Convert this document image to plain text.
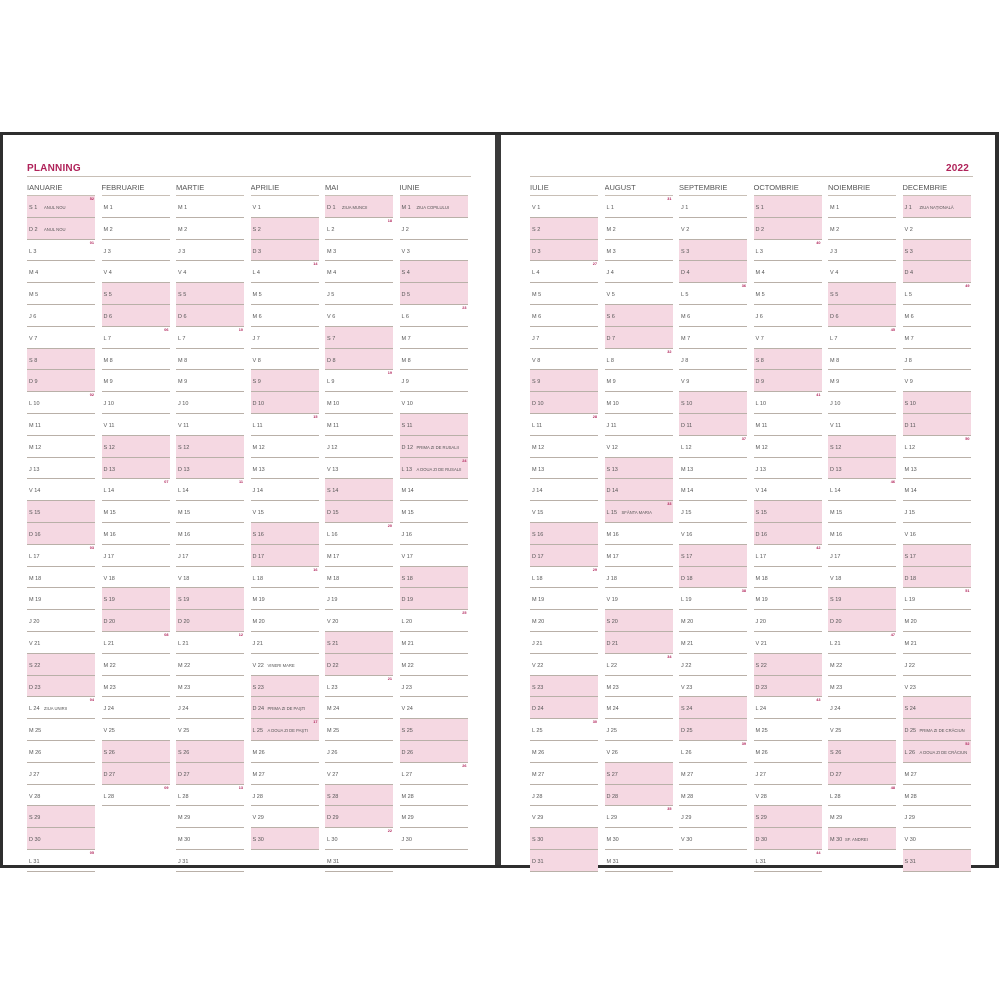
PLANNING
IANUARIE
S 1 ANUL NOU
52
D 2 ANUL NOU
L 3
01
M 4
M 5
J 6
V 7
S 8
D 9
L 10
02
M 11
M 12
J 13
V 14
S 15
D 16
L 17
03
M 18
M 19
J 20
V 21
S 22
D 23
L 24 ZIUA UNIRII
04
M 25
M 26
J 27
V 28
S 29
D 30
L 31
05
FEBRUARIE
M 1
M 2
J 3
V 4
S 5
D 6
L 7
06
M 8
M 9
J 10
V 11
S 12
D 13
L 14
07
M 15
M 16
J 17
V 18
S 19
D 20
L 21
08
M 22
M 23
J 24
V 25
S 26
D 27
L 28
09
MARTIE
M 1
M 2
J 3
V 4
S 5
D 6
L 7
10
M 8
M 9
J 10
V 11
S 12
D 13
L 14
11
M 15
M 16
J 17
V 18
S 19
D 20
L 21
12
M 22
M 23
J 24
V 25
S 26
D 27
L 28
13
M 29
M 30
J 31
APRILIE
V 1
S 2
D 3
L 4
14
M 5
M 6
J 7
V 8
S 9
D 10
L 11
15
M 12
M 13
J 14
V 15
S 16
D 17
L 18
16
M 19
M 20
J 21
V 22 VINERI MARE
S 23
D 24 PRIMA ZI DE PAŞTI
L 25 A DOUA ZI DE PAŞTI
17
M 26
M 27
J 28
V 29
S 30
MAI
D 1 ZIUA MUNCII
L 2
18
M 3
M 4
J 5
V 6
S 7
D 8
L 9
19
M 10
M 11
J 12
V 13
S 14
D 15
L 16
20
M 17
M 18
J 19
V 20
S 21
D 22
L 23
21
M 24
M 25
J 26
V 27
S 28
D 29
L 30
22
M 31
IUNIE
M 1 ZIUA COPILULUI
J 2
V 3
S 4
D 5
L 6
23
M 7
M 8
J 9
V 10
S 11
D 12 PRIMA ZI DE RUSALII
L 13 A DOUA ZI DE RUSALII
24
M 14
M 15
J 16
V 17
S 18
D 19
L 20
25
M 21
M 22
J 23
V 24
S 25
D 26
L 27
26
M 28
M 29
J 30
2022
IULIE
V 1
S 2
D 3
L 4
27
M 5
M 6
J 7
V 8
S 9
D 10
L 11
28
M 12
M 13
J 14
V 15
S 16
D 17
L 18
29
M 19
M 20
J 21
V 22
S 23
D 24
L 25
30
M 26
M 27
J 28
V 29
S 30
D 31
AUGUST
L 1
31
M 2
M 3
J 4
V 5
S 6
D 7
L 8
32
M 9
M 10
J 11
V 12
S 13
D 14
L 15 SFÂNTA MARIA
33
M 16
M 17
J 18
V 19
S 20
D 21
L 22
34
M 23
M 24
J 25
V 26
S 27
D 28
L 29
35
M 30
M 31
SEPTEMBRIE
J 1
V 2
S 3
D 4
L 5
36
M 6
M 7
J 8
V 9
S 10
D 11
L 12
37
M 13
M 14
J 15
V 16
S 17
D 18
L 19
38
M 20
M 21
J 22
V 23
S 24
D 25
L 26
39
M 27
M 28
J 29
V 30
OCTOMBRIE
S 1
D 2
L 3
40
M 4
M 5
J 6
V 7
S 8
D 9
L 10
41
M 11
M 12
J 13
V 14
S 15
D 16
L 17
42
M 18
M 19
J 20
V 21
S 22
D 23
L 24
43
M 25
M 26
J 27
V 28
S 29
D 30
L 31
44
NOIEMBRIE
M 1
M 2
J 3
V 4
S 5
D 6
L 7
45
M 8
M 9
J 10
V 11
S 12
D 13
L 14
46
M 15
M 16
J 17
V 18
S 19
D 20
L 21
47
M 22
M 23
J 24
V 25
S 26
D 27
L 28
48
M 29
M 30 SF. ANDREI
DECEMBRIE
J 1 ZIUA NAȚIONALĂ
V 2
S 3
D 4
L 5
49
M 6
M 7
J 8
V 9
S 10
D 11
L 12
50
M 13
M 14
J 15
V 16
S 17
D 18
L 19
51
M 20
M 21
J 22
V 23
S 24
D 25 PRIMA ZI DE CRĂCIUN
L 26 A DOUA ZI DE CRĂCIUN
52
M 27
M 28
J 29
V 30
S 31
